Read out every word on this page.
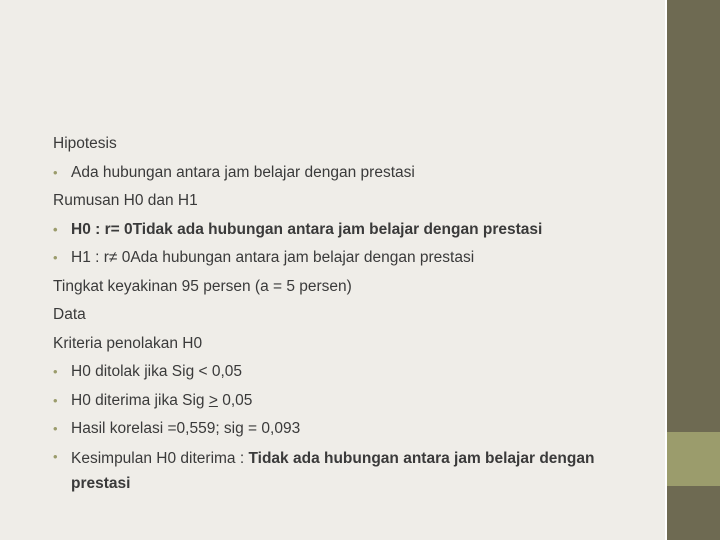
Hipotesis
• Ada hubungan antara jam belajar dengan prestasi
Rumusan H0 dan H1
• H0 : r= 0Tidak ada hubungan antara jam belajar dengan prestasi
• H1 : r≠ 0Ada hubungan antara jam belajar dengan prestasi
Tingkat keyakinan 95 persen (a = 5 persen)
Data
Kriteria penolakan H0
• H0 ditolak jika Sig < 0,05
• H0 diterima jika Sig ≥ 0,05
• Hasil korelasi =0,559; sig = 0,093
• Kesimpulan H0 diterima : Tidak ada hubungan antara jam belajar dengan prestasi
